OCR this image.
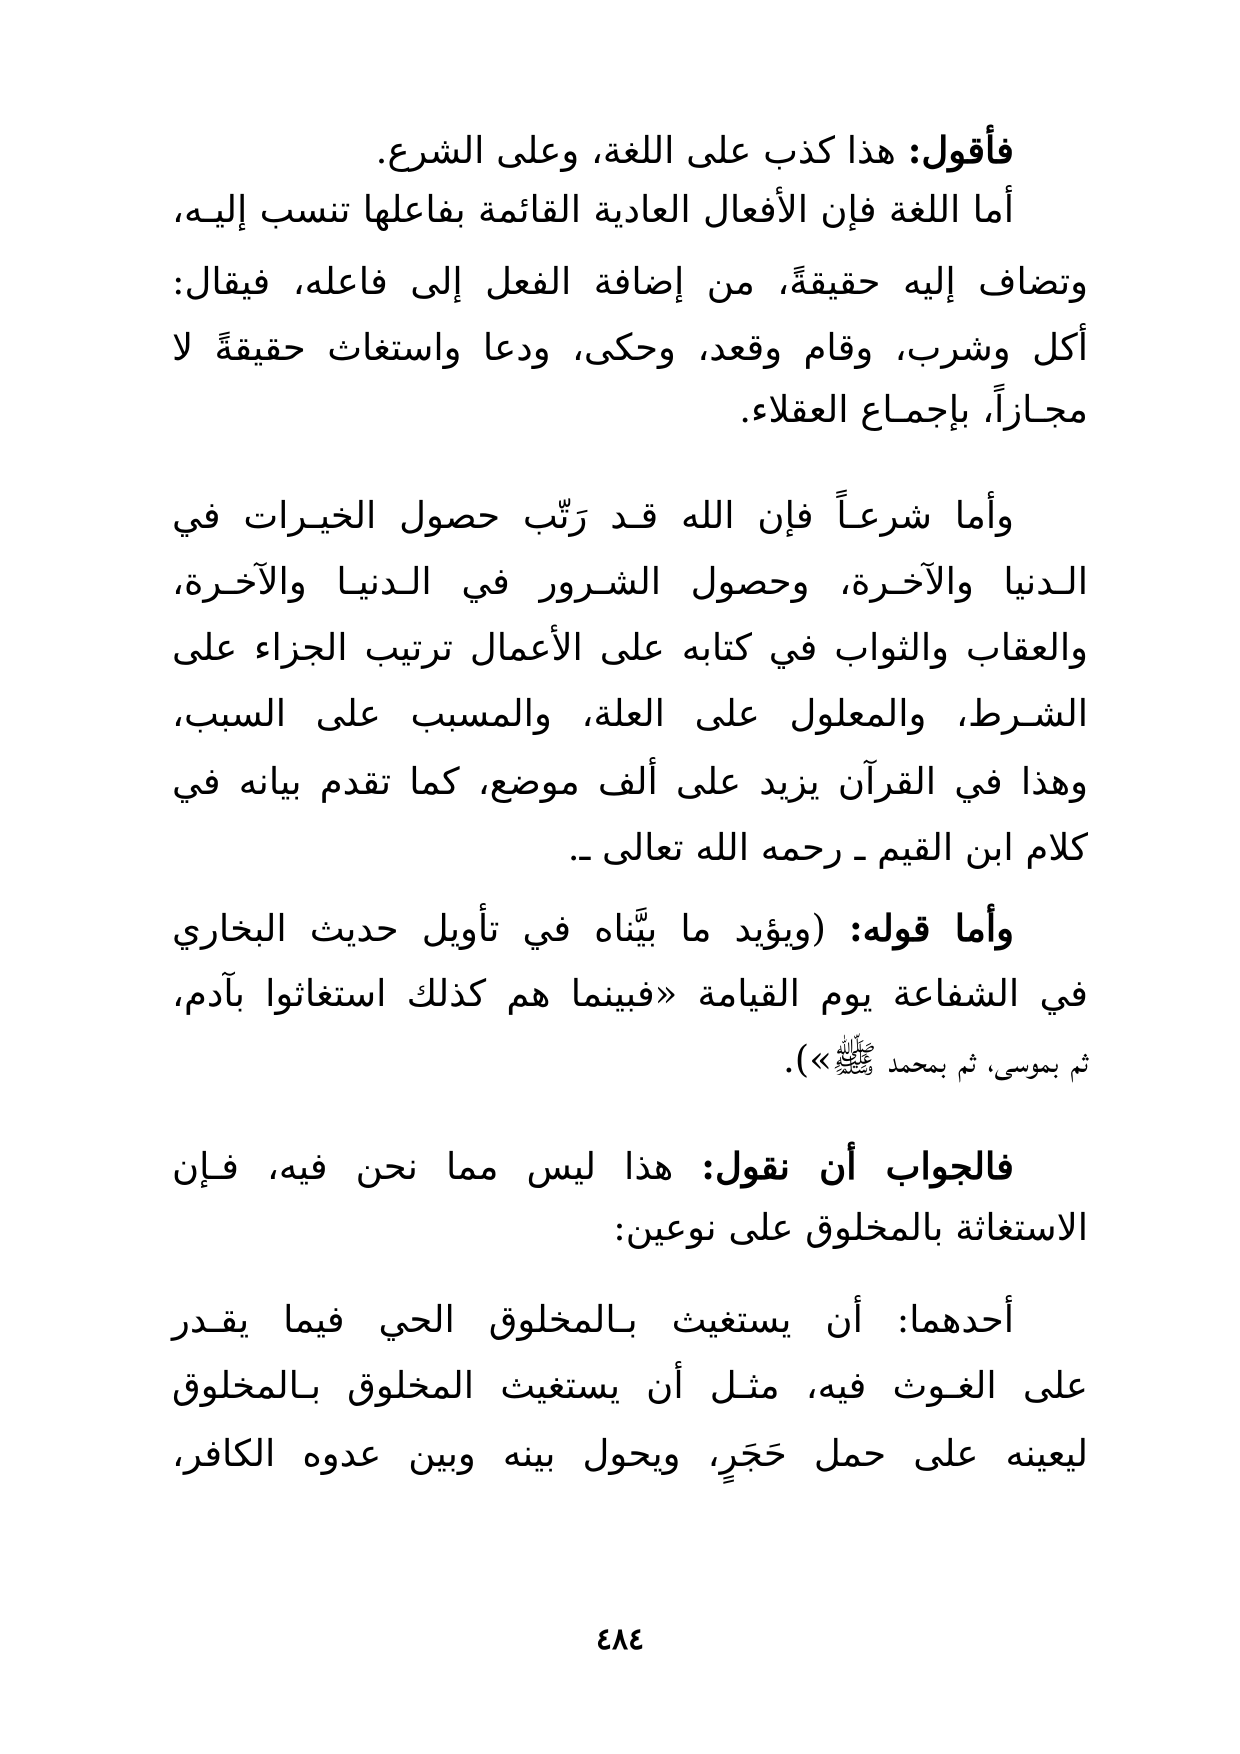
فأقول: هذا كذب على اللغة، وعلى الشرع.
أما اللغة فإن الأفعال العادية القائمة بفاعلها تنسب إليـه،
وتضاف إليه حقيقةً، من إضافة الفعل إلى فاعله، فيقال:
أكل وشرب، وقام وقعد، وحكى، ودعا واستغاث حقيقةً لا
مجـازاً، بإجمـاع العقلاء.
وأما شرعـاً فإن الله قـد رَتّب حصول الخيـرات في
الـدنيا والآخـرة، وحصول الشـرور في الـدنيـا والآخـرة،
والعقاب والثواب في كتابه على الأعمال ترتيب الجزاء على
الشـرط، والمعلول على العلة، والمسبب على السبب،
وهذا في القرآن يزيد على ألف موضع، كما تقدم بيانه في
كلام ابن القيم ـ رحمه الله تعالى ـ.
وأما قوله: (ويؤيد ما بيَّناه في تأويل حديث البخاري
في الشفاعة يوم القيامة «فبينما هم كذلك استغاثوا بآدم،
ثم بموسى، ثم بمحمد ﷺ»).
فالجواب أن نقول: هذا ليس مما نحن فيه، فـإن
الاستغاثة بالمخلوق على نوعين:
أحدهما: أن يستغيث بـالمخلوق الحي فيما يقـدر
على الغـوث فيه، مثـل أن يستغيث المخلوق بـالمخلوق
ليعينه على حمل حَجَرٍ، ويحول بينه وبين عدوه الكافر،
٤٨٤
